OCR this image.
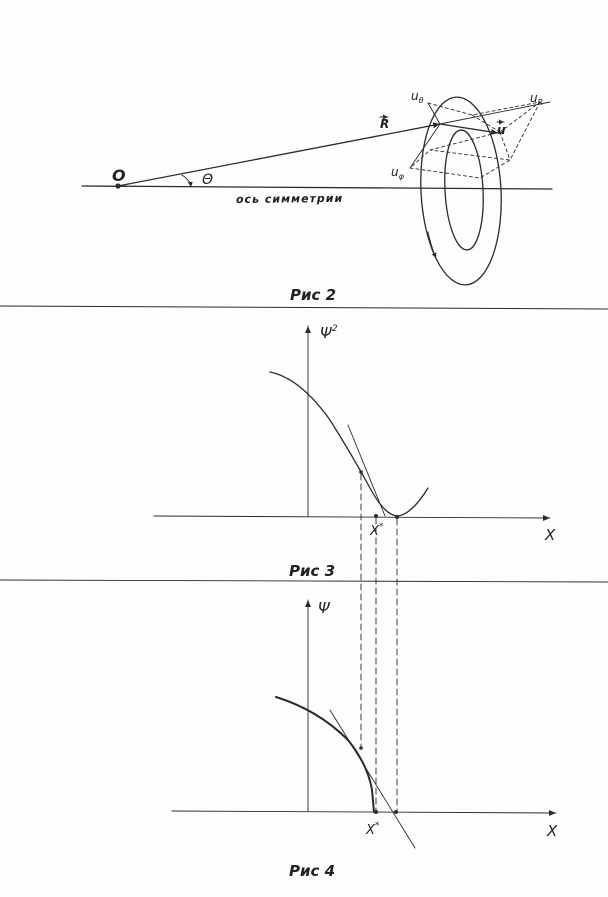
O	Θ
ось симметрии
R	u
$u_\theta$	$u_R$
$u_\varphi$
Рис 2
$\Psi^2$
X
X*
Рис 3
Ψ
X
X*
Рис 4
